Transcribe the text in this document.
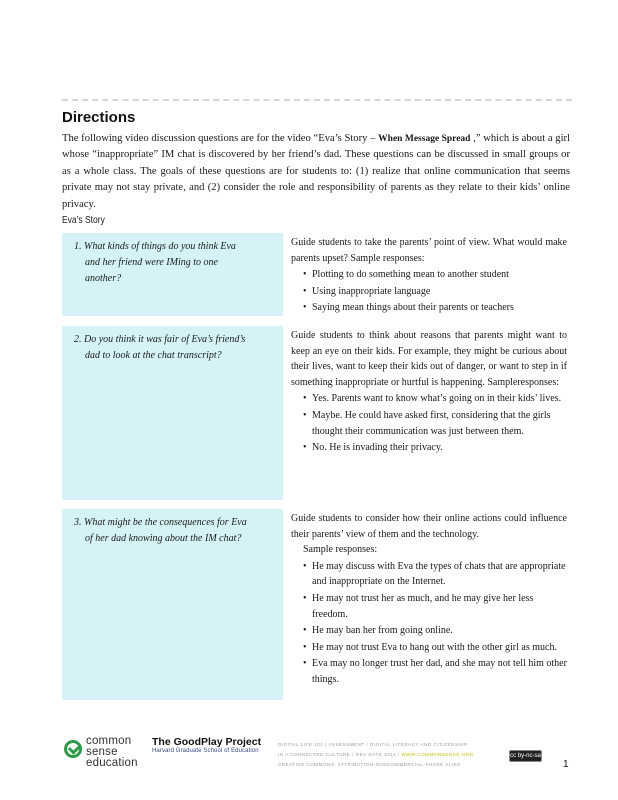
Directions
The following video discussion questions are for the video “Eva’s Story – When Message Spread ,” which is about a girl whose “inappropriate” IM chat is discovered by her friend’s dad. These questions can be discussed in small groups or as a whole class. The goals of these questions are for students to: (1) realize that online communication that seems private may not stay private, and (2) consider the role and responsibility of parents as they relate to their kids’ online privacy.
Eva’s Story
1. What kinds of things do you think Eva
and her friend were IMing to one
another?

Guide students to take the parents’ point of view. What would make parents upset? Sample responses:

• Plotting to do something mean to another student
• Using inappropriate language
• Saying mean things about their parents or teachers
2. Do you think it was fair of Eva’s friend’s
dad to look at the chat transcript?

Guide students to think about reasons that parents might want to keep an eye on their kids. For example, they might be curious about their lives, want to keep their kids out of danger, or want to step in if something inappropriate or hurtful is happening. Sampleresponses:

• Yes. Parents want to know what’s going on in their kids’ lives.
• Maybe. He could have asked first, considering that the girls thought their communication was just between them.
• No. He is invading their privacy.
3. What might be the consequences for Eva
of her dad knowing about the IM chat?

Guide students to consider how their online actions could influence their parents’ view of them and the technology.

Sample responses:

• He may discuss with Eva the types of chats that are appropriate and inappropriate on the Internet.
• He may not trust her as much, and he may give her less freedom.
• He may ban her from going online.
• He may not trust Eva to hang out with the other girl as much.
• Eva may no longer trust her dad, and she may not tell him other things.
common
sense
education
The GoodPlay Project
Harvard Graduate School of Education
DIGITAL LIFE 101 / ASSESSMENT / DIGITAL LITERACY AND CITIZENSHIP
IN A CONNECTED CULTURE / REV DATE 2011 / WWW.COMMONSENSE.ORG
CREATIVE COMMONS: ATTRIBUTION-NONCOMMERCIAL-SHARE ALIKE
cc by-nc-sa
1
